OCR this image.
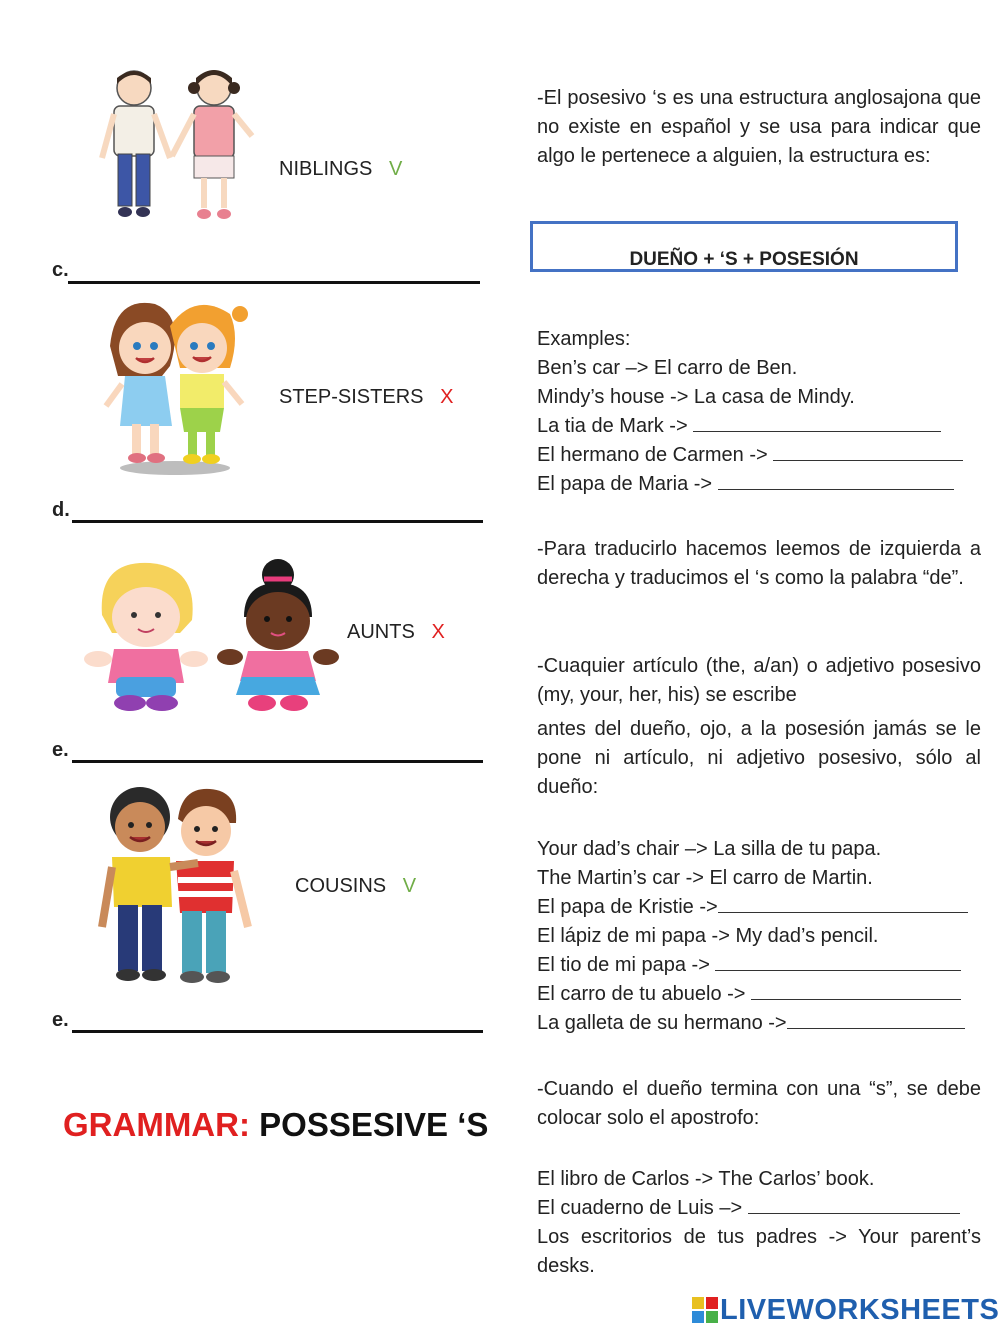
NIBLINGS V
c.
STEP-SISTERS X
d.
AUNTS X
e.
COUSINS V
e.
GRAMMAR: POSSESIVE ‘S
-El posesivo ‘s es una estructura anglosajona que no existe en español y se usa para indicar que algo le pertenece a alguien, la estructura es:
DUEÑO + ‘S + POSESIÓN
Examples:
Ben’s car –> El carro de Ben.
Mindy’s house -> La casa de Mindy.
La tia de Mark ->
El hermano de Carmen ->
El papa de Maria ->
-Para traducirlo hacemos leemos de izquierda a derecha y traducimos el ‘s como la palabra “de”.
-Cuaquier artículo (the, a/an) o adjetivo posesivo (my, your, her, his) se escribe
antes del dueño, ojo, a la posesión jamás se le pone ni artículo, ni adjetivo posesivo, sólo al dueño:
Your dad’s chair –> La silla de tu papa.
The Martin’s car -> El carro de Martin.
El papa de Kristie ->
El lápiz de mi papa -> My dad’s pencil.
El tio de mi papa ->
El carro de tu abuelo ->
La galleta de su hermano ->
-Cuando el dueño termina con una “s”, se debe colocar solo el apostrofo:
El libro de Carlos -> The Carlos’ book.
El cuaderno de Luis –>
Los escritorios de tus padres -> Your parent’s desks.
LIVEWORKSHEETS
